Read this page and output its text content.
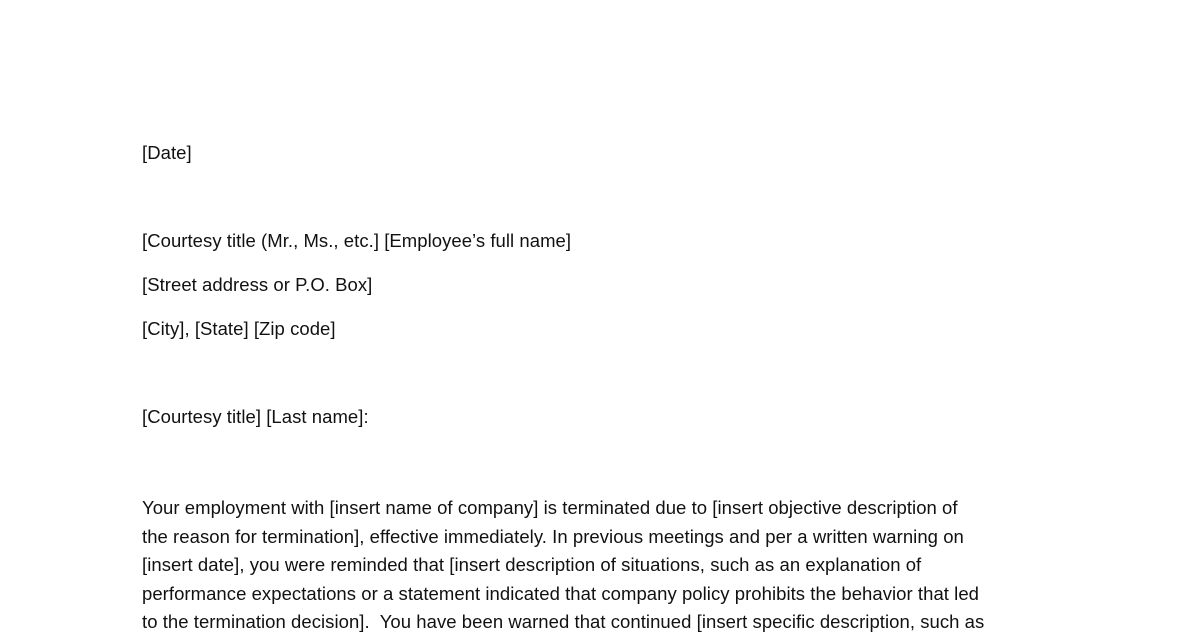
[Date]
[Courtesy title (Mr., Ms., etc.] [Employee’s full name]
[Street address or P.O. Box]
[City], [State] [Zip code]
[Courtesy title] [Last name]:
Your employment with [insert name of company] is terminated due to [insert objective description of
the reason for termination], effective immediately. In previous meetings and per a written warning on
[insert date], you were reminded that [insert description of situations, such as an explanation of
performance expectations or a statement indicated that company policy prohibits the behavior that led
to the termination decision].  You have been warned that continued [insert specific description, such as
